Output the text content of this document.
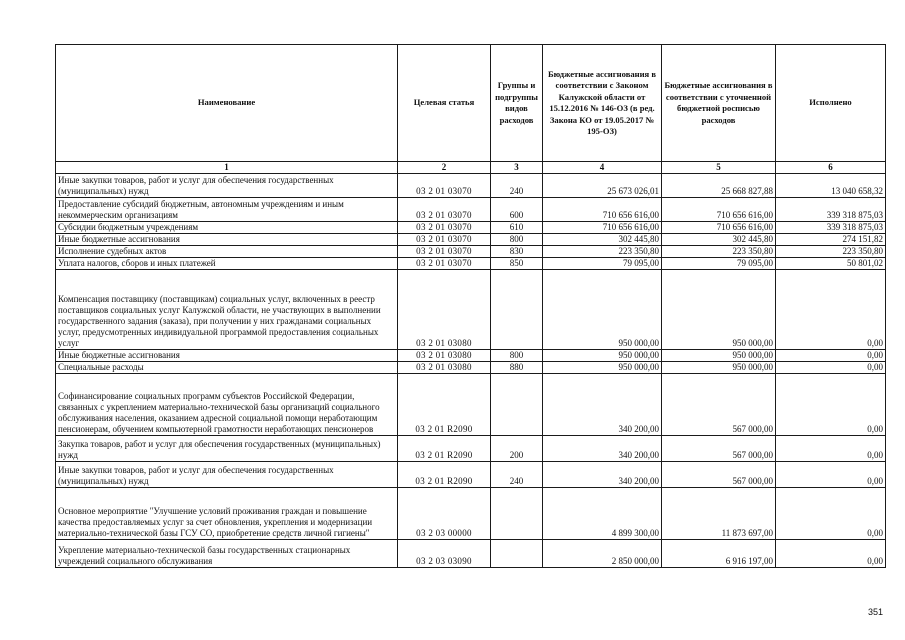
Наименование	Целевая статья	Группы и подгруппы видов расходов	Бюджетные ассигнования в соответствии с Законом Калужской области от 15.12.2016 № 146-ОЗ (в ред. Закона КО от 19.05.2017 № 195-ОЗ)	Бюджетные ассигнования в соответствии с уточненной бюджетной росписью расходов	Исполнено
1	2	3	4	5	6
Иные закупки товаров, работ и услуг для обеспечения государственных (муниципальных) нужд	03 2 01 03070	240	25 673 026,01	25 668 827,88	13 040 658,32
Предоставление субсидий бюджетным, автономным учреждениям и иным некоммерческим организациям	03 2 01 03070	600	710 656 616,00	710 656 616,00	339 318 875,03
Субсидии бюджетным учреждениям	03 2 01 03070	610	710 656 616,00	710 656 616,00	339 318 875,03
Иные бюджетные ассигнования	03 2 01 03070	800	302 445,80	302 445,80	274 151,82
Исполнение судебных актов	03 2 01 03070	830	223 350,80	223 350,80	223 350,80
Уплата налогов, сборов и иных платежей	03 2 01 03070	850	79 095,00	79 095,00	50 801,02
Компенсация поставщику (поставщикам) социальных услуг, включенных в реестр поставщиков социальных услуг Калужской области, не участвующих в выполнении государственного задания (заказа), при получении у них гражданами социальных услуг, предусмотренных индивидуальной программой предоставления социальных услуг	03 2 01 03080		950 000,00	950 000,00	0,00
Иные бюджетные ассигнования	03 2 01 03080	800	950 000,00	950 000,00	0,00
Специальные расходы	03 2 01 03080	880	950 000,00	950 000,00	0,00
Софинансирование социальных программ субъектов Российской Федерации, связанных с укреплением материально-технической базы организаций социального обслуживания населения, оказанием адресной социальной помощи неработающим пенсионерам, обучением компьютерной грамотности неработающих пенсионеров	03 2 01 R2090		340 200,00	567 000,00	0,00
Закупка товаров, работ и услуг для обеспечения государственных (муниципальных) нужд	03 2 01 R2090	200	340 200,00	567 000,00	0,00
Иные закупки товаров, работ и услуг для обеспечения государственных (муниципальных) нужд	03 2 01 R2090	240	340 200,00	567 000,00	0,00
Основное мероприятие "Улучшение условий проживания граждан и повышение качества предоставляемых услуг за счет обновления, укрепления и модернизации материально-технической базы ГСУ СО, приобретение средств личной гигиены"	03 2 03 00000		4 899 300,00	11 873 697,00	0,00
Укрепление материально-технической базы государственных стационарных учреждений социального обслуживания	03 2 03 03090		2 850 000,00	6 916 197,00	0,00
351
